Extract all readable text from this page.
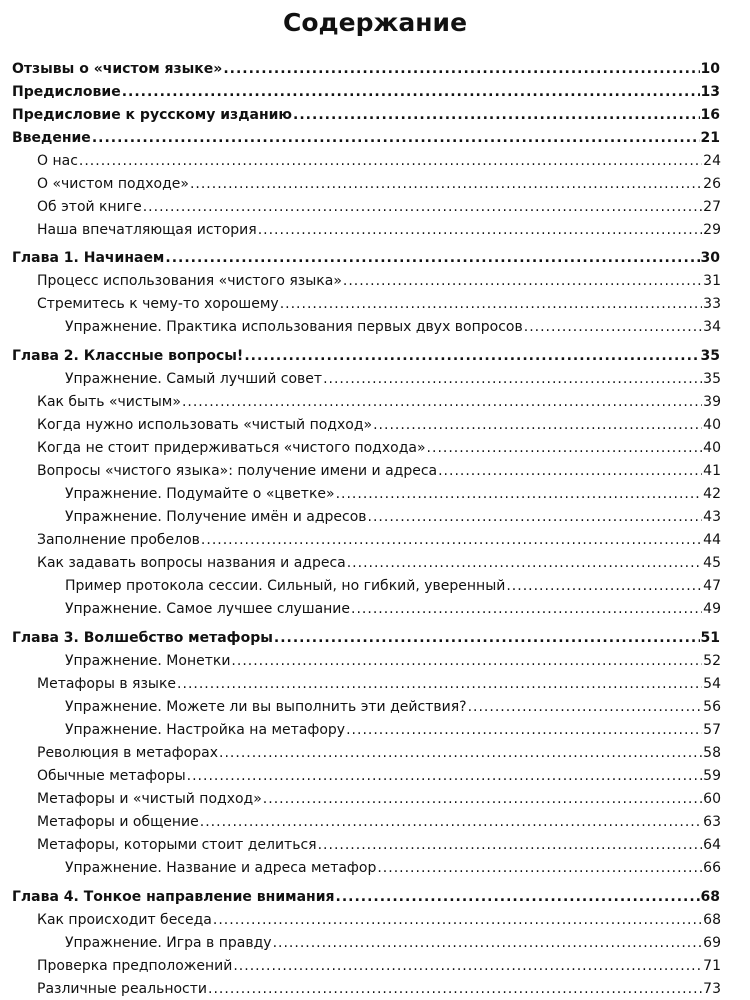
Содержание
Отзывы о «чистом языке» .....	10
Предисловие .....	13
Предисловие к русскому изданию .....	16
Введение .....	21
О нас .....	24
О «чистом подходе» .....	26
Об этой книге .....	27
Наша впечатляющая история .....	29
Глава 1. Начинаем .....	30
Процесс использования «чистого языка» .....	31
Стремитесь к чему-то хорошему .....	33
Упражнение. Практика использования первых двух вопросов .....	34
Глава 2. Классные вопросы! .....	35
Упражнение. Самый лучший совет .....	35
Как быть «чистым» .....	39
Когда нужно использовать «чистый подход» .....	40
Когда не стоит придерживаться «чистого подхода» .....	40
Вопросы «чистого языка»: получение имени и адреса .....	41
Упражнение. Подумайте о «цветке» .....	42
Упражнение. Получение имён и адресов .....	43
Заполнение пробелов .....	44
Как задавать вопросы названия и адреса .....	45
Пример протокола сессии. Сильный, но гибкий, уверенный .....	47
Упражнение. Самое лучшее слушание .....	49
Глава 3. Волшебство метафоры .....	51
Упражнение. Монетки .....	52
Метафоры в языке .....	54
Упражнение. Можете ли вы выполнить эти действия? .....	56
Упражнение. Настройка на метафору .....	57
Революция в метафорах .....	58
Обычные метафоры .....	59
Метафоры и «чистый подход» .....	60
Метафоры и общение .....	63
Метафоры, которыми стоит делиться .....	64
Упражнение. Название и адреса метафор .....	66
Глава 4. Тонкое направление внимания .....	68
Как происходит беседа .....	68
Упражнение. Игра в правду .....	69
Проверка предположений .....	71
Различные реальности .....	73
